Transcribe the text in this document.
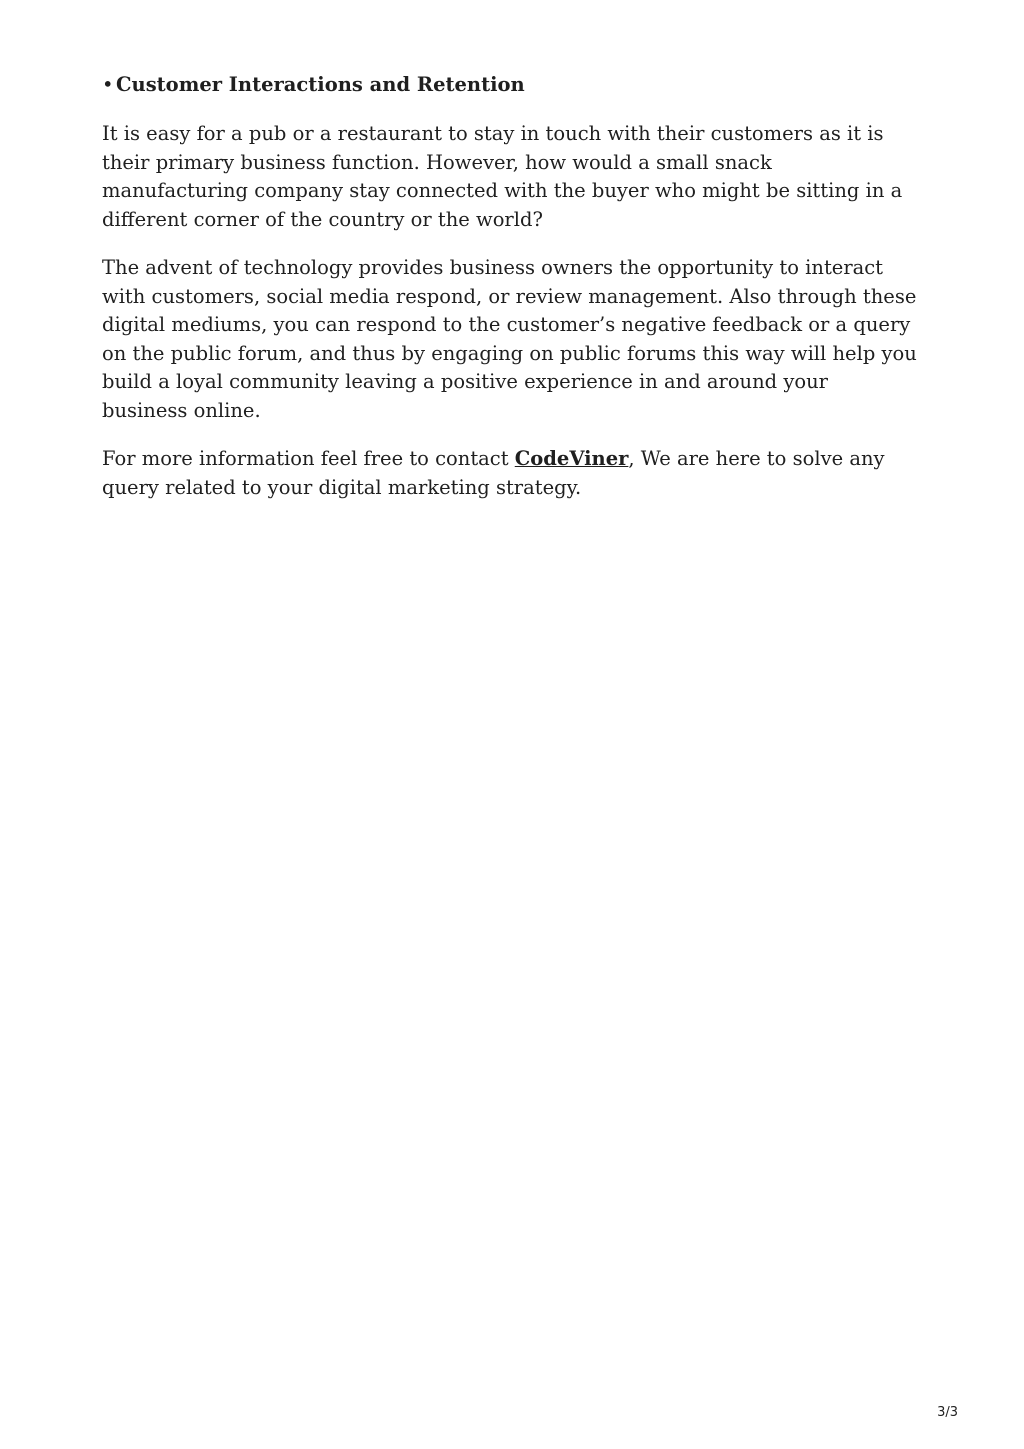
• Customer Interactions and Retention

It is easy for a pub or a restaurant to stay in touch with their customers as it is their primary business function. However, how would a small snack manufacturing company stay connected with the buyer who might be sitting in a different corner of the country or the world?

The advent of technology provides business owners the opportunity to interact with customers, social media respond, or review management. Also through these digital mediums, you can respond to the customer’s negative feedback or a query on the public forum, and thus by engaging on public forums this way will help you build a loyal community leaving a positive experience in and around your business online.

For more information feel free to contact CodeViner, We are here to solve any query related to your digital marketing strategy.

3/3
